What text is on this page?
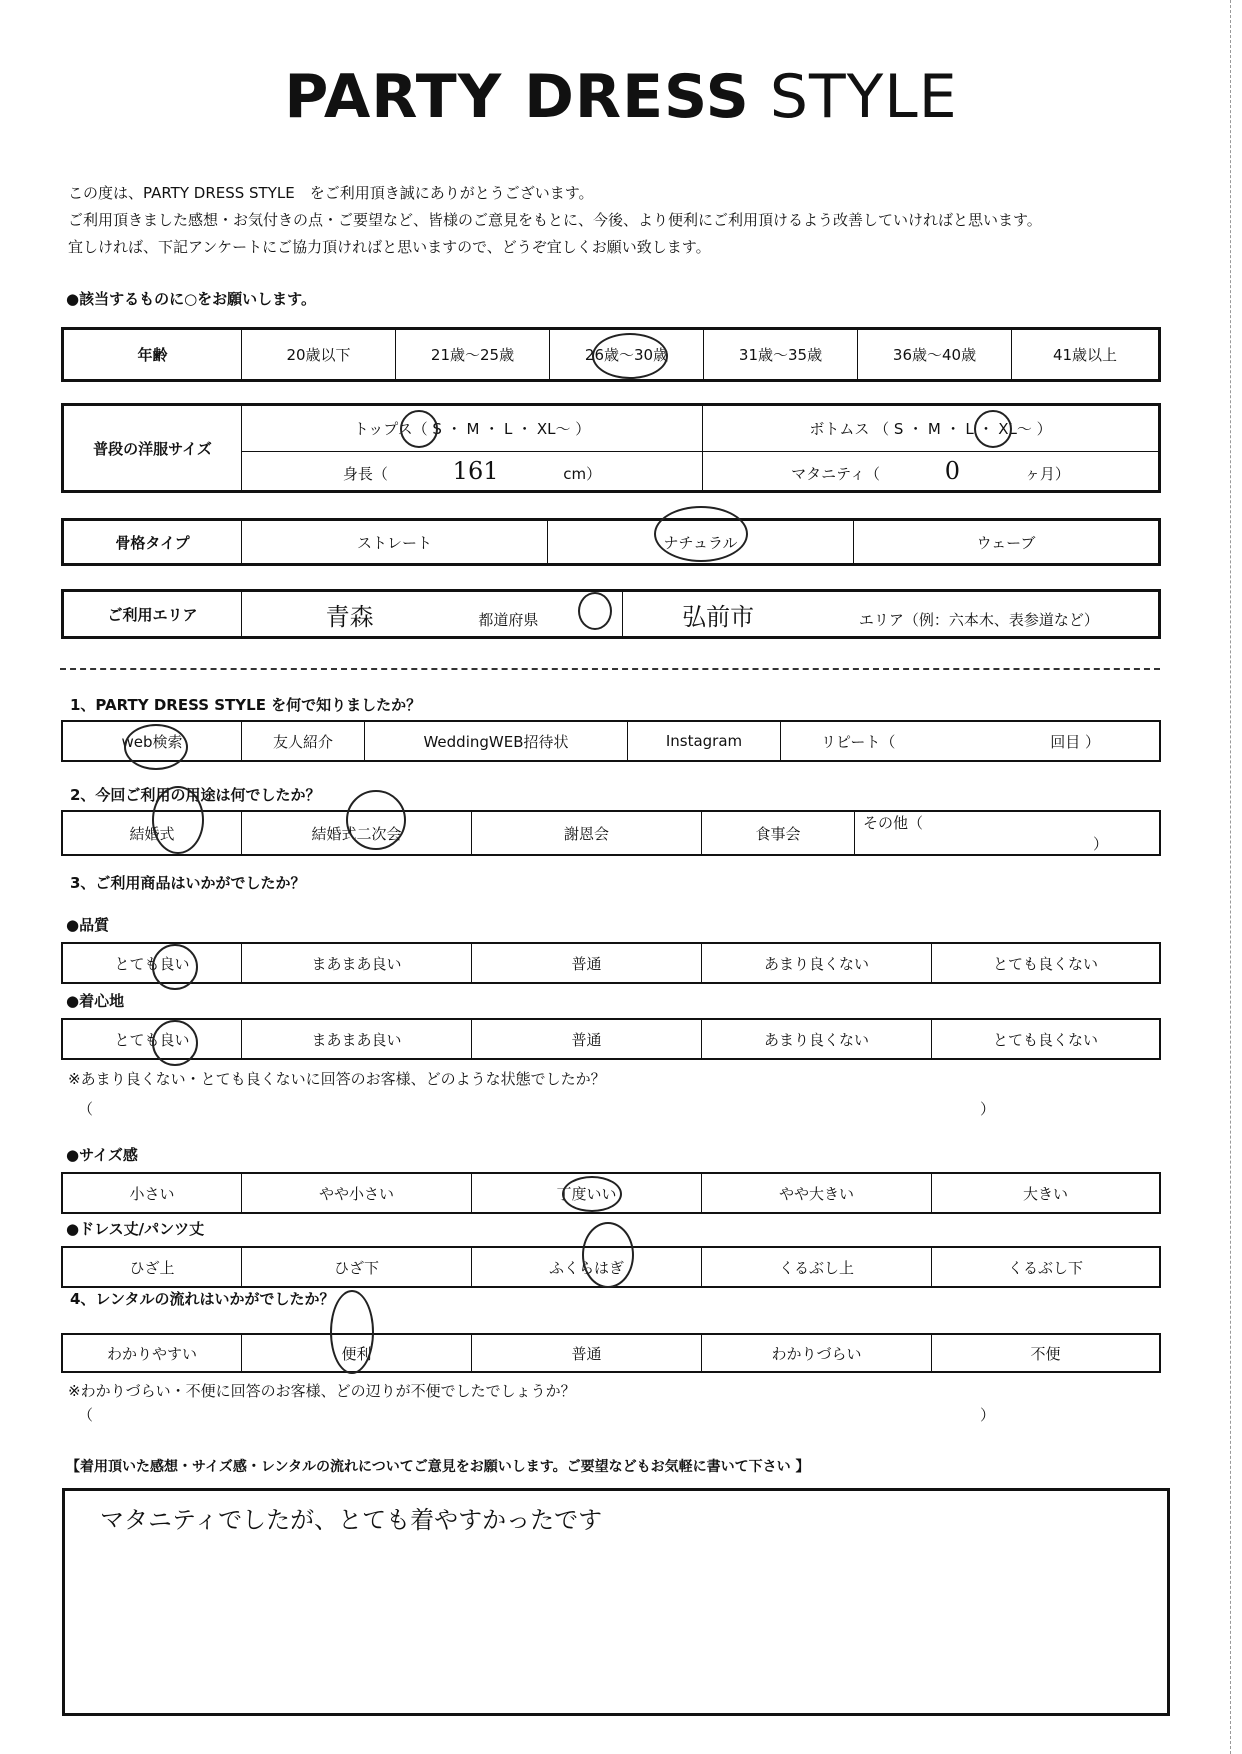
PARTY DRESS STYLE
この度は、PARTY DRESS STYLE　をご利用頂き誠にありがとうございます。
ご利用頂きました感想・お気付きの点・ご要望など、皆様のご意見をもとに、今後、より便利にご利用頂けるよう改善していければと思います。
宜しければ、下記アンケートにご協力頂ければと思いますので、どうぞ宜しくお願い致します。
●該当するものに○をお願いします。
年齢	20歳以下	21歳〜25歳	26歳〜30歳	31歳〜35歳	36歳〜40歳	41歳以上
普段の洋服サイズ	トップス（ S ・ M ・ L ・ XL〜 ）	ボトムス （ S ・ M ・ L ・ XL〜 ）
	身長（ 161 cm）	マタニティ（ 0 ヶ月）
骨格タイプ	ストレート	ナチュラル	ウェーブ
ご利用エリア	青森	都道府県	弘前市	エリア（例：六本木、表参道など）
1、PARTY DRESS STYLE を何で知りましたか？
web検索	友人紹介	WeddingWEB招待状	Instagram	リピート（	回目 ）
2、今回ご利用の用途は何でしたか？
結婚式	結婚式二次会	謝恩会	食事会	その他（ ）
3、ご利用商品はいかがでしたか？
●品質
とても良い	まあまあ良い	普通	あまり良くない	とても良くない
●着心地
とても良い	まあまあ良い	普通	あまり良くない	とても良くない
※あまり良くない・とても良くないに回答のお客様、どのような状態でしたか？
（	）
●サイズ感
小さい	やや小さい	丁度いい	やや大きい	大きい
●ドレス丈/パンツ丈
ひざ上	ひざ下	ふくらはぎ	くるぶし上	くるぶし下
4、レンタルの流れはいかがでしたか？
わかりやすい	便利	普通	わかりづらい	不便
※わかりづらい・不便に回答のお客様、どの辺りが不便でしたでしょうか？
（	）
【着用頂いた感想・サイズ感・レンタルの流れについてご意見をお願いします。ご要望などもお気軽に書いて下さい 】
マタニティでしたが、とても着やすかったです
